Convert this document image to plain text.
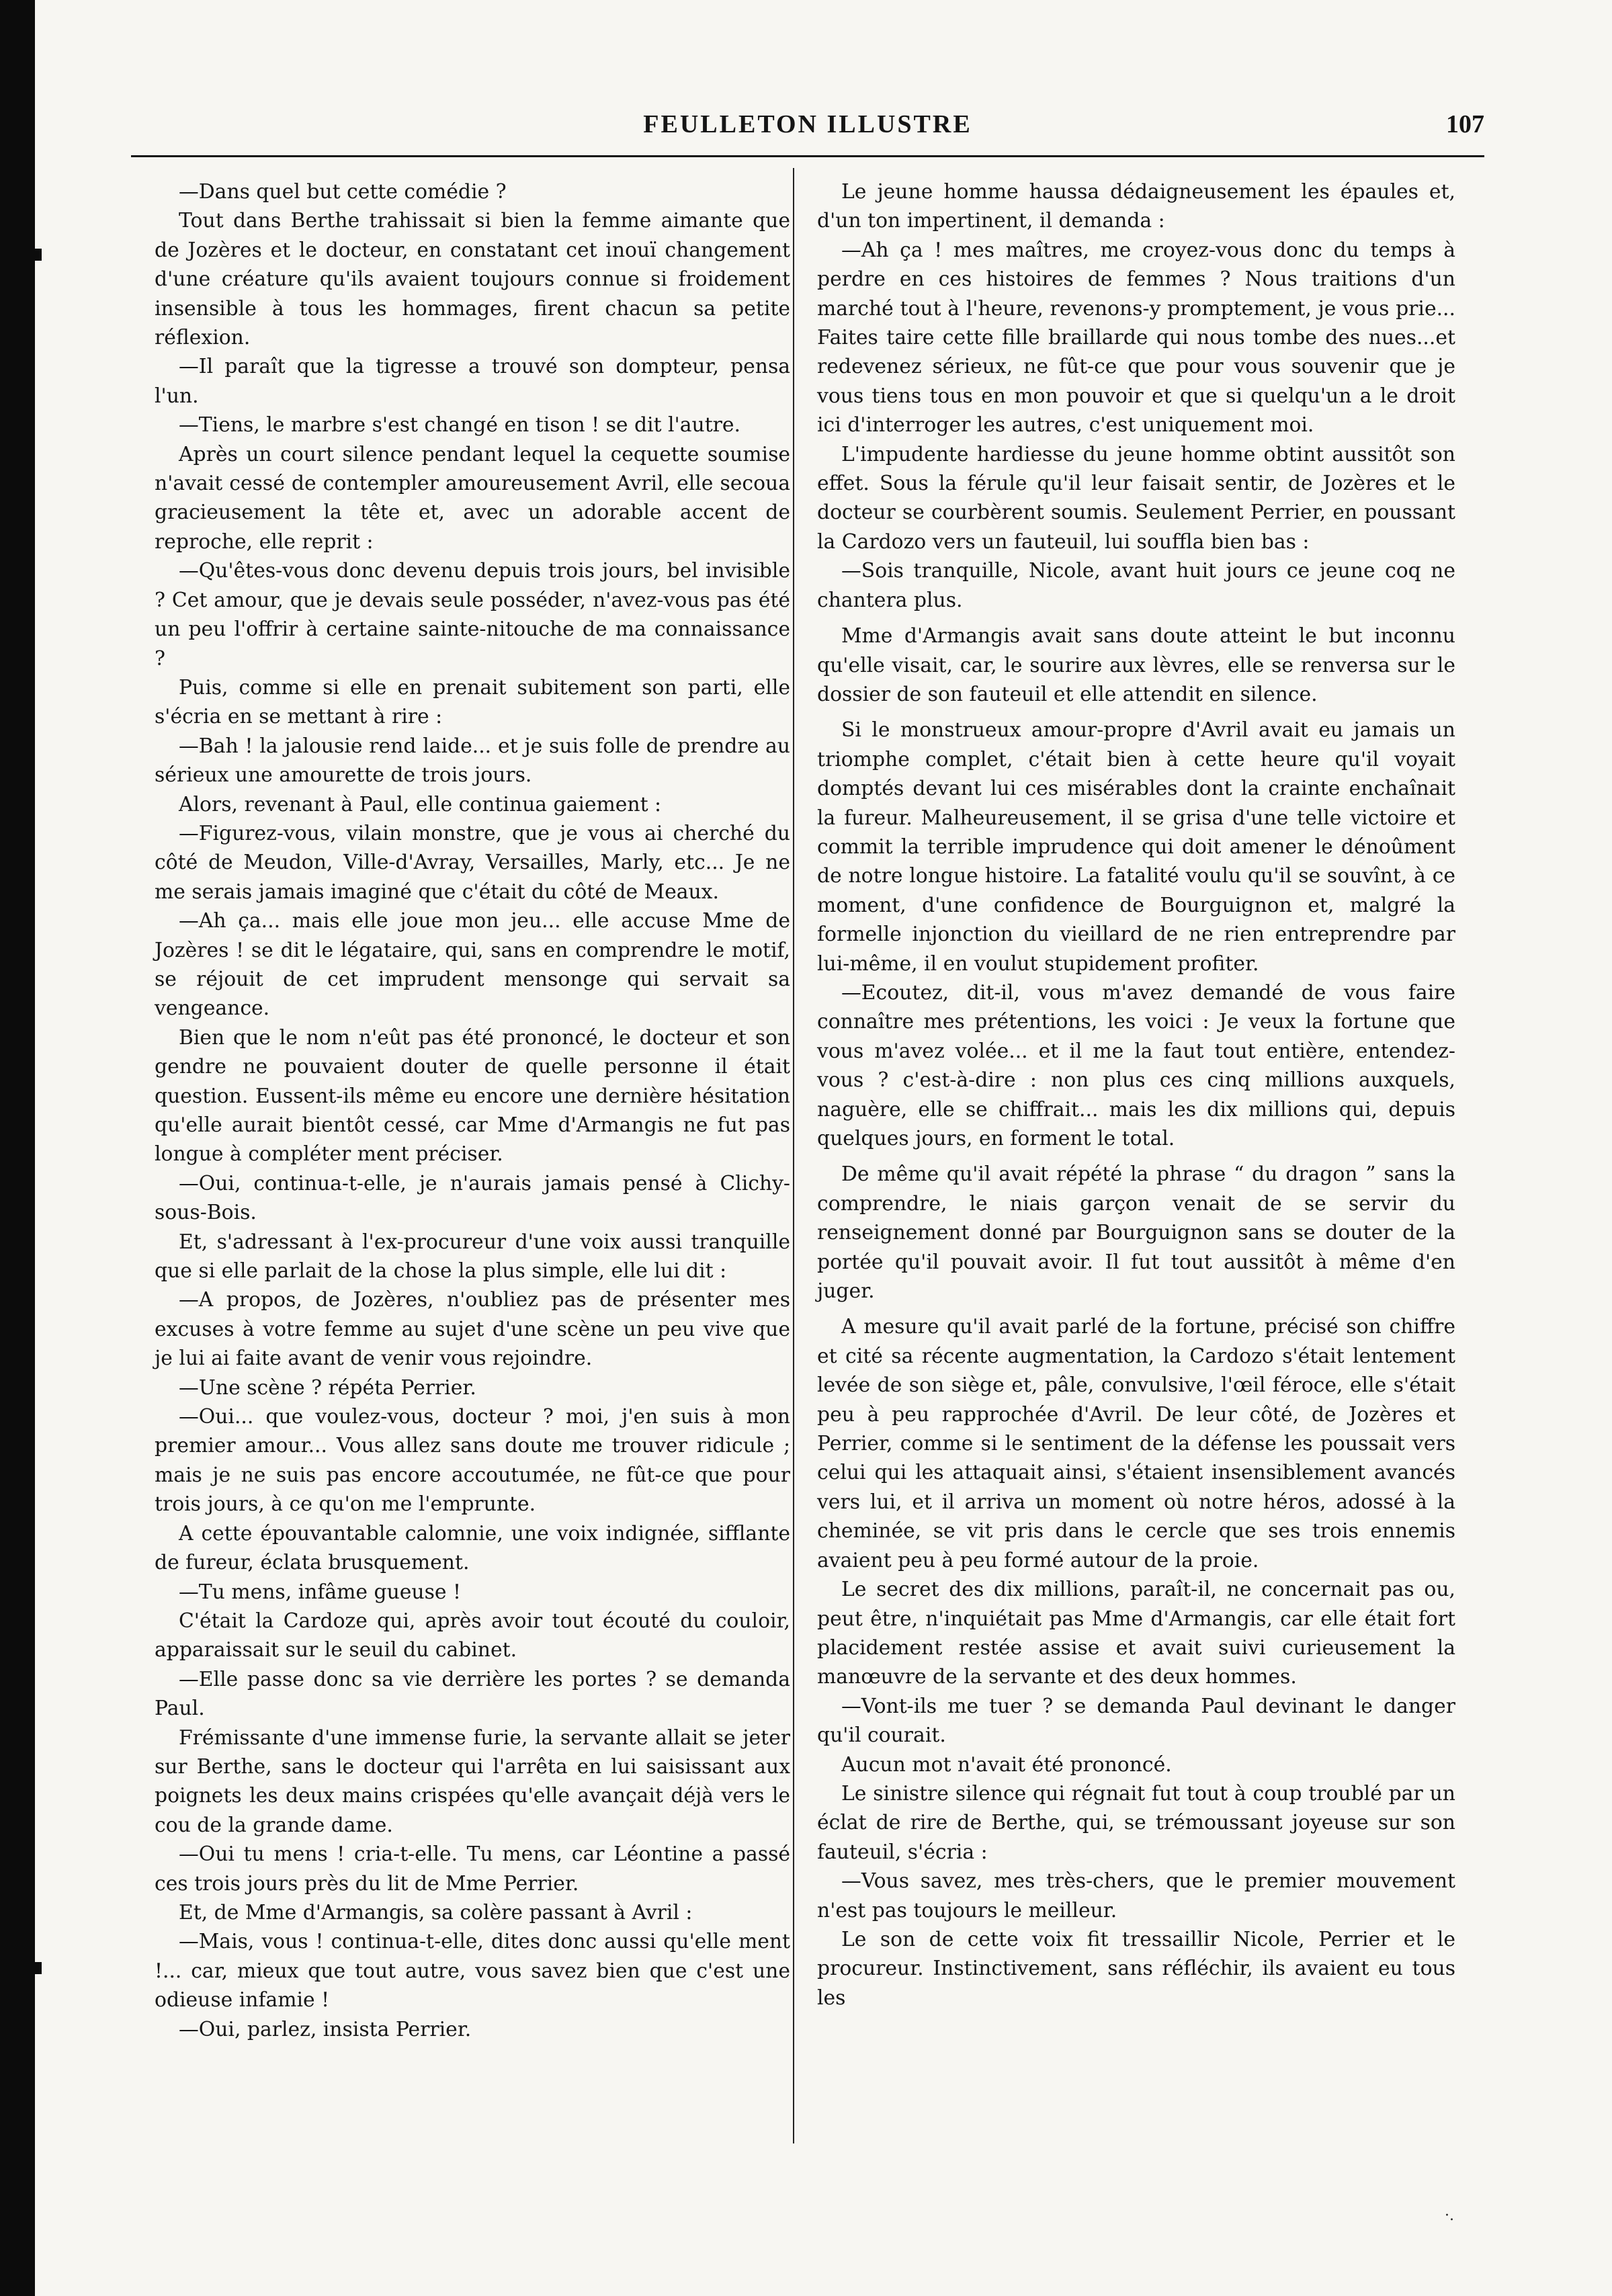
FEULLETON ILLUSTRE	107

—Dans quel but cette comédie ?

Tout dans Berthe trahissait si bien la femme aimante que de Jozères et le docteur, en constatant cet inouï changement d'une créature qu'ils avaient toujours connue si froidement insensible à tous les hommages, firent chacun sa petite réflexion.

—Il paraît que la tigresse a trouvé son dompteur, pensa l'un.

—Tiens, le marbre s'est changé en tison ! se dit l'autre.

Après un court silence pendant lequel la cequette soumise n'avait cessé de contempler amoureusement Avril, elle secoua gracieusement la tête et, avec un adorable accent de reproche, elle reprit :

—Qu'êtes-vous donc devenu depuis trois jours, bel invisible ? Cet amour, que je devais seule posséder, n'avez-vous pas été un peu l'offrir à certaine sainte-nitouche de ma connaissance ?

Puis, comme si elle en prenait subitement son parti, elle s'écria en se mettant à rire :

—Bah ! la jalousie rend laide... et je suis folle de prendre au sérieux une amourette de trois jours.

Alors, revenant à Paul, elle continua gaiement :

—Figurez-vous, vilain monstre, que je vous ai cherché du côté de Meudon, Ville-d'Avray, Versailles, Marly, etc... Je ne me serais jamais imaginé que c'était du côté de Meaux.

—Ah ça... mais elle joue mon jeu... elle accuse Mme de Jozères ! se dit le légataire, qui, sans en comprendre le motif, se réjouit de cet imprudent mensonge qui servait sa vengeance.

Bien que le nom n'eût pas été prononcé, le docteur et son gendre ne pouvaient douter de quelle personne il était question. Eussent-ils même eu encore une dernière hésitation qu'elle aurait bientôt cessé, car Mme d'Armangis ne fut pas longue à compléter ment préciser.

—Oui, continua-t-elle, je n'aurais jamais pensé à Clichy-sous-Bois.

Et, s'adressant à l'ex-procureur d'une voix aussi tranquille que si elle parlait de la chose la plus simple, elle lui dit :

—A propos, de Jozères, n'oubliez pas de présenter mes excuses à votre femme au sujet d'une scène un peu vive que je lui ai faite avant de venir vous rejoindre.

—Une scène ? répéta Perrier.

—Oui... que voulez-vous, docteur ? moi, j'en suis à mon premier amour... Vous allez sans doute me trouver ridicule ; mais je ne suis pas encore accoutumée, ne fût-ce que pour trois jours, à ce qu'on me l'emprunte.

A cette épouvantable calomnie, une voix indignée, sifflante de fureur, éclata brusquement.

—Tu mens, infâme gueuse !

C'était la Cardoze qui, après avoir tout écouté du couloir, apparaissait sur le seuil du cabinet.

—Elle passe donc sa vie derrière les portes ? se demanda Paul.

Frémissante d'une immense furie, la servante allait se jeter sur Berthe, sans le docteur qui l'arrêta en lui saisissant aux poignets les deux mains crispées qu'elle avançait déjà vers le cou de la grande dame.

—Oui tu mens ! cria-t-elle. Tu mens, car Léontine a passé ces trois jours près du lit de Mme Perrier.

Et, de Mme d'Armangis, sa colère passant à Avril :

—Mais, vous ! continua-t-elle, dites donc aussi qu'elle ment !... car, mieux que tout autre, vous savez bien que c'est une odieuse infamie !

—Oui, parlez, insista Perrier.

Le jeune homme haussa dédaigneusement les épaules et, d'un ton impertinent, il demanda :

—Ah ça ! mes maîtres, me croyez-vous donc du temps à perdre en ces histoires de femmes ? Nous traitions d'un marché tout à l'heure, revenons-y promptement, je vous prie... Faites taire cette fille braillarde qui nous tombe des nues...et redevenez sérieux, ne fût-ce que pour vous souvenir que je vous tiens tous en mon pouvoir et que si quelqu'un a le droit ici d'interroger les autres, c'est uniquement moi.

L'impudente hardiesse du jeune homme obtint aussitôt son effet. Sous la férule qu'il leur faisait sentir, de Jozères et le docteur se courbèrent soumis. Seulement Perrier, en poussant la Cardozo vers un fauteuil, lui souffla bien bas :

—Sois tranquille, Nicole, avant huit jours ce jeune coq ne chantera plus.

Mme d'Armangis avait sans doute atteint le but inconnu qu'elle visait, car, le sourire aux lèvres, elle se renversa sur le dossier de son fauteuil et elle attendit en silence.

Si le monstrueux amour-propre d'Avril avait eu jamais un triomphe complet, c'était bien à cette heure qu'il voyait domptés devant lui ces misérables dont la crainte enchaînait la fureur. Malheureusement, il se grisa d'une telle victoire et commit la terrible imprudence qui doit amener le dénoûment de notre longue histoire. La fatalité voulu qu'il se souvînt, à ce moment, d'une confidence de Bourguignon et, malgré la formelle injonction du vieillard de ne rien entreprendre par lui-même, il en voulut stupidement profiter.

—Ecoutez, dit-il, vous m'avez demandé de vous faire connaître mes prétentions, les voici : Je veux la fortune que vous m'avez volée... et il me la faut tout entière, entendez-vous ? c'est-à-dire : non plus ces cinq millions auxquels, naguère, elle se chiffrait... mais les dix millions qui, depuis quelques jours, en forment le total.

De même qu'il avait répété la phrase “ du dragon ” sans la comprendre, le niais garçon venait de se servir du renseignement donné par Bourguignon sans se douter de la portée qu'il pouvait avoir. Il fut tout aussitôt à même d'en juger.

A mesure qu'il avait parlé de la fortune, précisé son chiffre et cité sa récente augmentation, la Cardozo s'était lentement levée de son siège et, pâle, convulsive, l'œil féroce, elle s'était peu à peu rapprochée d'Avril. De leur côté, de Jozères et Perrier, comme si le sentiment de la défense les poussait vers celui qui les attaquait ainsi, s'étaient insensiblement avancés vers lui, et il arriva un moment où notre héros, adossé à la cheminée, se vit pris dans le cercle que ses trois ennemis avaient peu à peu formé autour de la proie.

Le secret des dix millions, paraît-il, ne concernait pas ou, peut être, n'inquiétait pas Mme d'Armangis, car elle était fort placidement restée assise et avait suivi curieusement la manœuvre de la servante et des deux hommes.

—Vont-ils me tuer ? se demanda Paul devinant le danger qu'il courait.

Aucun mot n'avait été prononcé.

Le sinistre silence qui régnait fut tout à coup troublé par un éclat de rire de Berthe, qui, se trémoussant joyeuse sur son fauteuil, s'écria :

—Vous savez, mes très-chers, que le premier mouvement n'est pas toujours le meilleur.

Le son de cette voix fit tressaillir Nicole, Perrier et le procureur. Instinctivement, sans réfléchir, ils avaient eu tous les

·.
